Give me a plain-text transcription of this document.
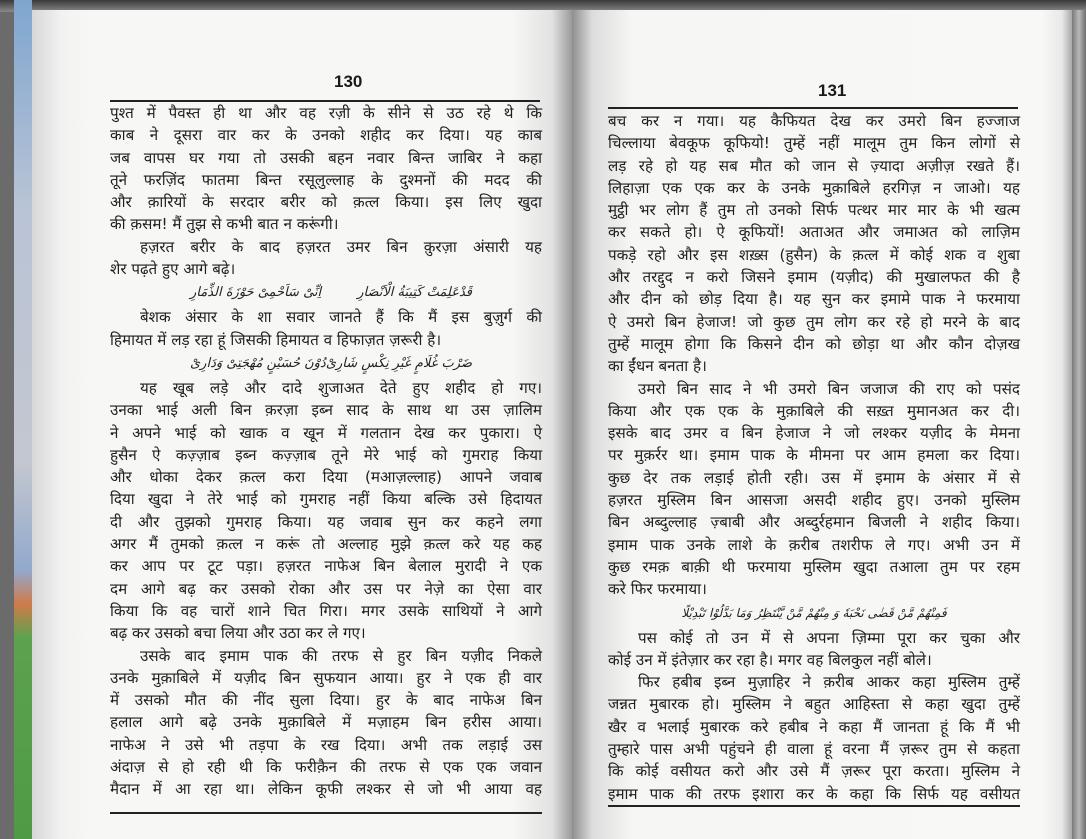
130
पुश्त में पैवस्त ही था और वह रज़ी के सीने से उठ रहे थे कि
काब ने दूसरा वार कर के उनको शहीद कर दिया। यह काब
जब वापस घर गया तो उसकी बहन नवार बिन्त जाबिर ने कहा
तूने फरज़िंद फातमा बिन्त रसूलुल्लाह के दुश्मनों की मदद की
और क़ारियों के सरदार बरीर को क़त्ल किया। इस लिए खुदा
की क़सम! मैं तुझ से कभी बात न करूंगी।
हज़रत बरीर के बाद हज़रत उमर बिन क़ुरज़ा अंसारी यह
शेर पढ़ते हुए आगे बढ़े।
قَدْعَلِمَتْ كَتِيبَةُ الْاَنْصَارِ
اِنِّیْ سَاَحْمِیْ حَوْزَةَ الذِّمَارِ
बेशक अंसार के शा सवार जानते हैं कि मैं इस बुज़ुर्ग की
हिमायत में लड़ रहा हूं जिसकी हिमायत व हिफाज़त ज़रूरी है।
ضَرْبَ غُلَامٍ غَیْرِ نِکْسٍ شَارِیْ
دُوْنَ حُسَیْنٍ مُهْجَتِیْ وَدَارِیْ
यह खूब लड़े और दादे शुजाअत देते हुए शहीद हो गए।
उनका भाई अली बिन क़रज़ा इब्न साद के साथ था उस ज़ालिम
ने अपने भाई को खाक व खून में गलतान देख कर पुकारा। ऐ
हुसैन ऐ कज़्ज़ाब इब्न कज़्ज़ाब तूने मेरे भाई को गुमराह किया
और धोका देकर क़त्ल करा दिया (मआज़ल्लाह) आपने जवाब
दिया खुदा ने तेरे भाई को गुमराह नहीं किया बल्कि उसे हिदायत
दी और तुझको गुमराह किया। यह जवाब सुन कर कहने लगा
अगर मैं तुमको क़त्ल न करूं तो अल्लाह मुझे क़त्ल करे यह कह
कर आप पर टूट पड़ा। हज़रत नाफेअ बिन बेलाल मुरादी ने एक
दम आगे बढ़ कर उसको रोका और उस पर नेज़े का ऐसा वार
किया कि वह चारों शाने चित गिरा। मगर उसके साथियों ने आगे
बढ़ कर उसको बचा लिया और उठा कर ले गए।
उसके बाद इमाम पाक की तरफ से हुर बिन यज़ीद निकले
उनके मुक़ाबिले में यज़ीद बिन सुफयान आया। हुर ने एक ही वार
में उसको मौत की नींद सुला दिया। हुर के बाद नाफेअ बिन
हलाल आगे बढ़े उनके मुक़ाबिले में मज़ाहम बिन हरीस आया।
नाफेअ ने उसे भी तड़पा के रख दिया। अभी तक लड़ाई उस
अंदाज़ से हो रही थी कि फरीक़ैन की तरफ से एक एक जवान
मैदान में आ रहा था। लेकिन कूफी लश्कर से जो भी आया वह
131
बच कर न गया। यह कैफियत देख कर उमरो बिन हज्जाज
चिल्लाया बेवकूफ कूफियो! तुम्हें नहीं मालूम तुम किन लोगों से
लड़ रहे हो यह सब मौत को जान से ज़्यादा अज़ीज़ रखते हैं।
लिहाज़ा एक एक कर के उनके मुक़ाबिले हरगिज़ न जाओ। यह
मुट्ठी भर लोग हैं तुम तो उनको सिर्फ पत्थर मार मार के भी खत्म
कर सकते हो। ऐ कूफियों! अताअत और जमाअत को लाज़िम
पकड़े रहो और इस शख़्स (हुसैन) के क़त्ल में कोई शक व शुबा
और तरद्दुद न करो जिसने इमाम (यज़ीद) की मुखालफत की है
और दीन को छोड़ दिया है। यह सुन कर इमामे पाक ने फरमाया
ऐ उमरो बिन हेजाज! जो कुछ तुम लोग कर रहे हो मरने के बाद
तुम्हें मालूम होगा कि किसने दीन को छोड़ा था और कौन दोज़ख
का ईंधन बनता है।
उमरो बिन साद ने भी उमरो बिन जजाज की राए को पसंद
किया और एक एक के मुक़ाबिले की सख़्त मुमानअत कर दी।
इसके बाद उमर व बिन हेजाज ने जो लश्कर यज़ीद के मेमना
पर मुक़र्रर था। इमाम पाक के मीमना पर आम हमला कर दिया।
कुछ देर तक लड़ाई होती रही। उस में इमाम के अंसार में से
हज़रत मुस्लिम बिन आसजा असदी शहीद हुए। उनको मुस्लिम
बिन अब्दुल्लाह ज़्बाबी और अब्दुर्रहमान बिजली ने शहीद किया।
इमाम पाक उनके लाशे के क़रीब तशरीफ ले गए। अभी उन में
कुछ रमक़ बाक़ी थी फरमाया मुस्लिम खुदा तआला तुम पर रहम
करे फिर फरमाया।
فَمِنْهُمْ مَّنْ قَضٰی نَحْبَهٗ وَ مِنْهُمْ مَّنْ یَّنْتَظِرُ وَمَا بَدَّلُوْا تَبْدِیْلًا
पस कोई तो उन में से अपना ज़िम्मा पूरा कर चुका और
कोई उन में इंतेज़ार कर रहा है। मगर वह बिलकुल नहीं बोले।
फिर हबीब इब्न मुज़ाहिर ने क़रीब आकर कहा मुस्लिम तुम्हें
जन्नत मुबारक हो। मुस्लिम ने बहुत आहिस्ता से कहा खुदा तुम्हें
खैर व भलाई मुबारक करे हबीब ने कहा मैं जानता हूं कि मैं भी
तुम्हारे पास अभी पहुंचने ही वाला हूं वरना मैं ज़रूर तुम से कहता
कि कोई वसीयत करो और उसे मैं ज़रूर पूरा करता। मुस्लिम ने
इमाम पाक की तरफ इशारा कर के कहा कि सिर्फ यह वसीयत
